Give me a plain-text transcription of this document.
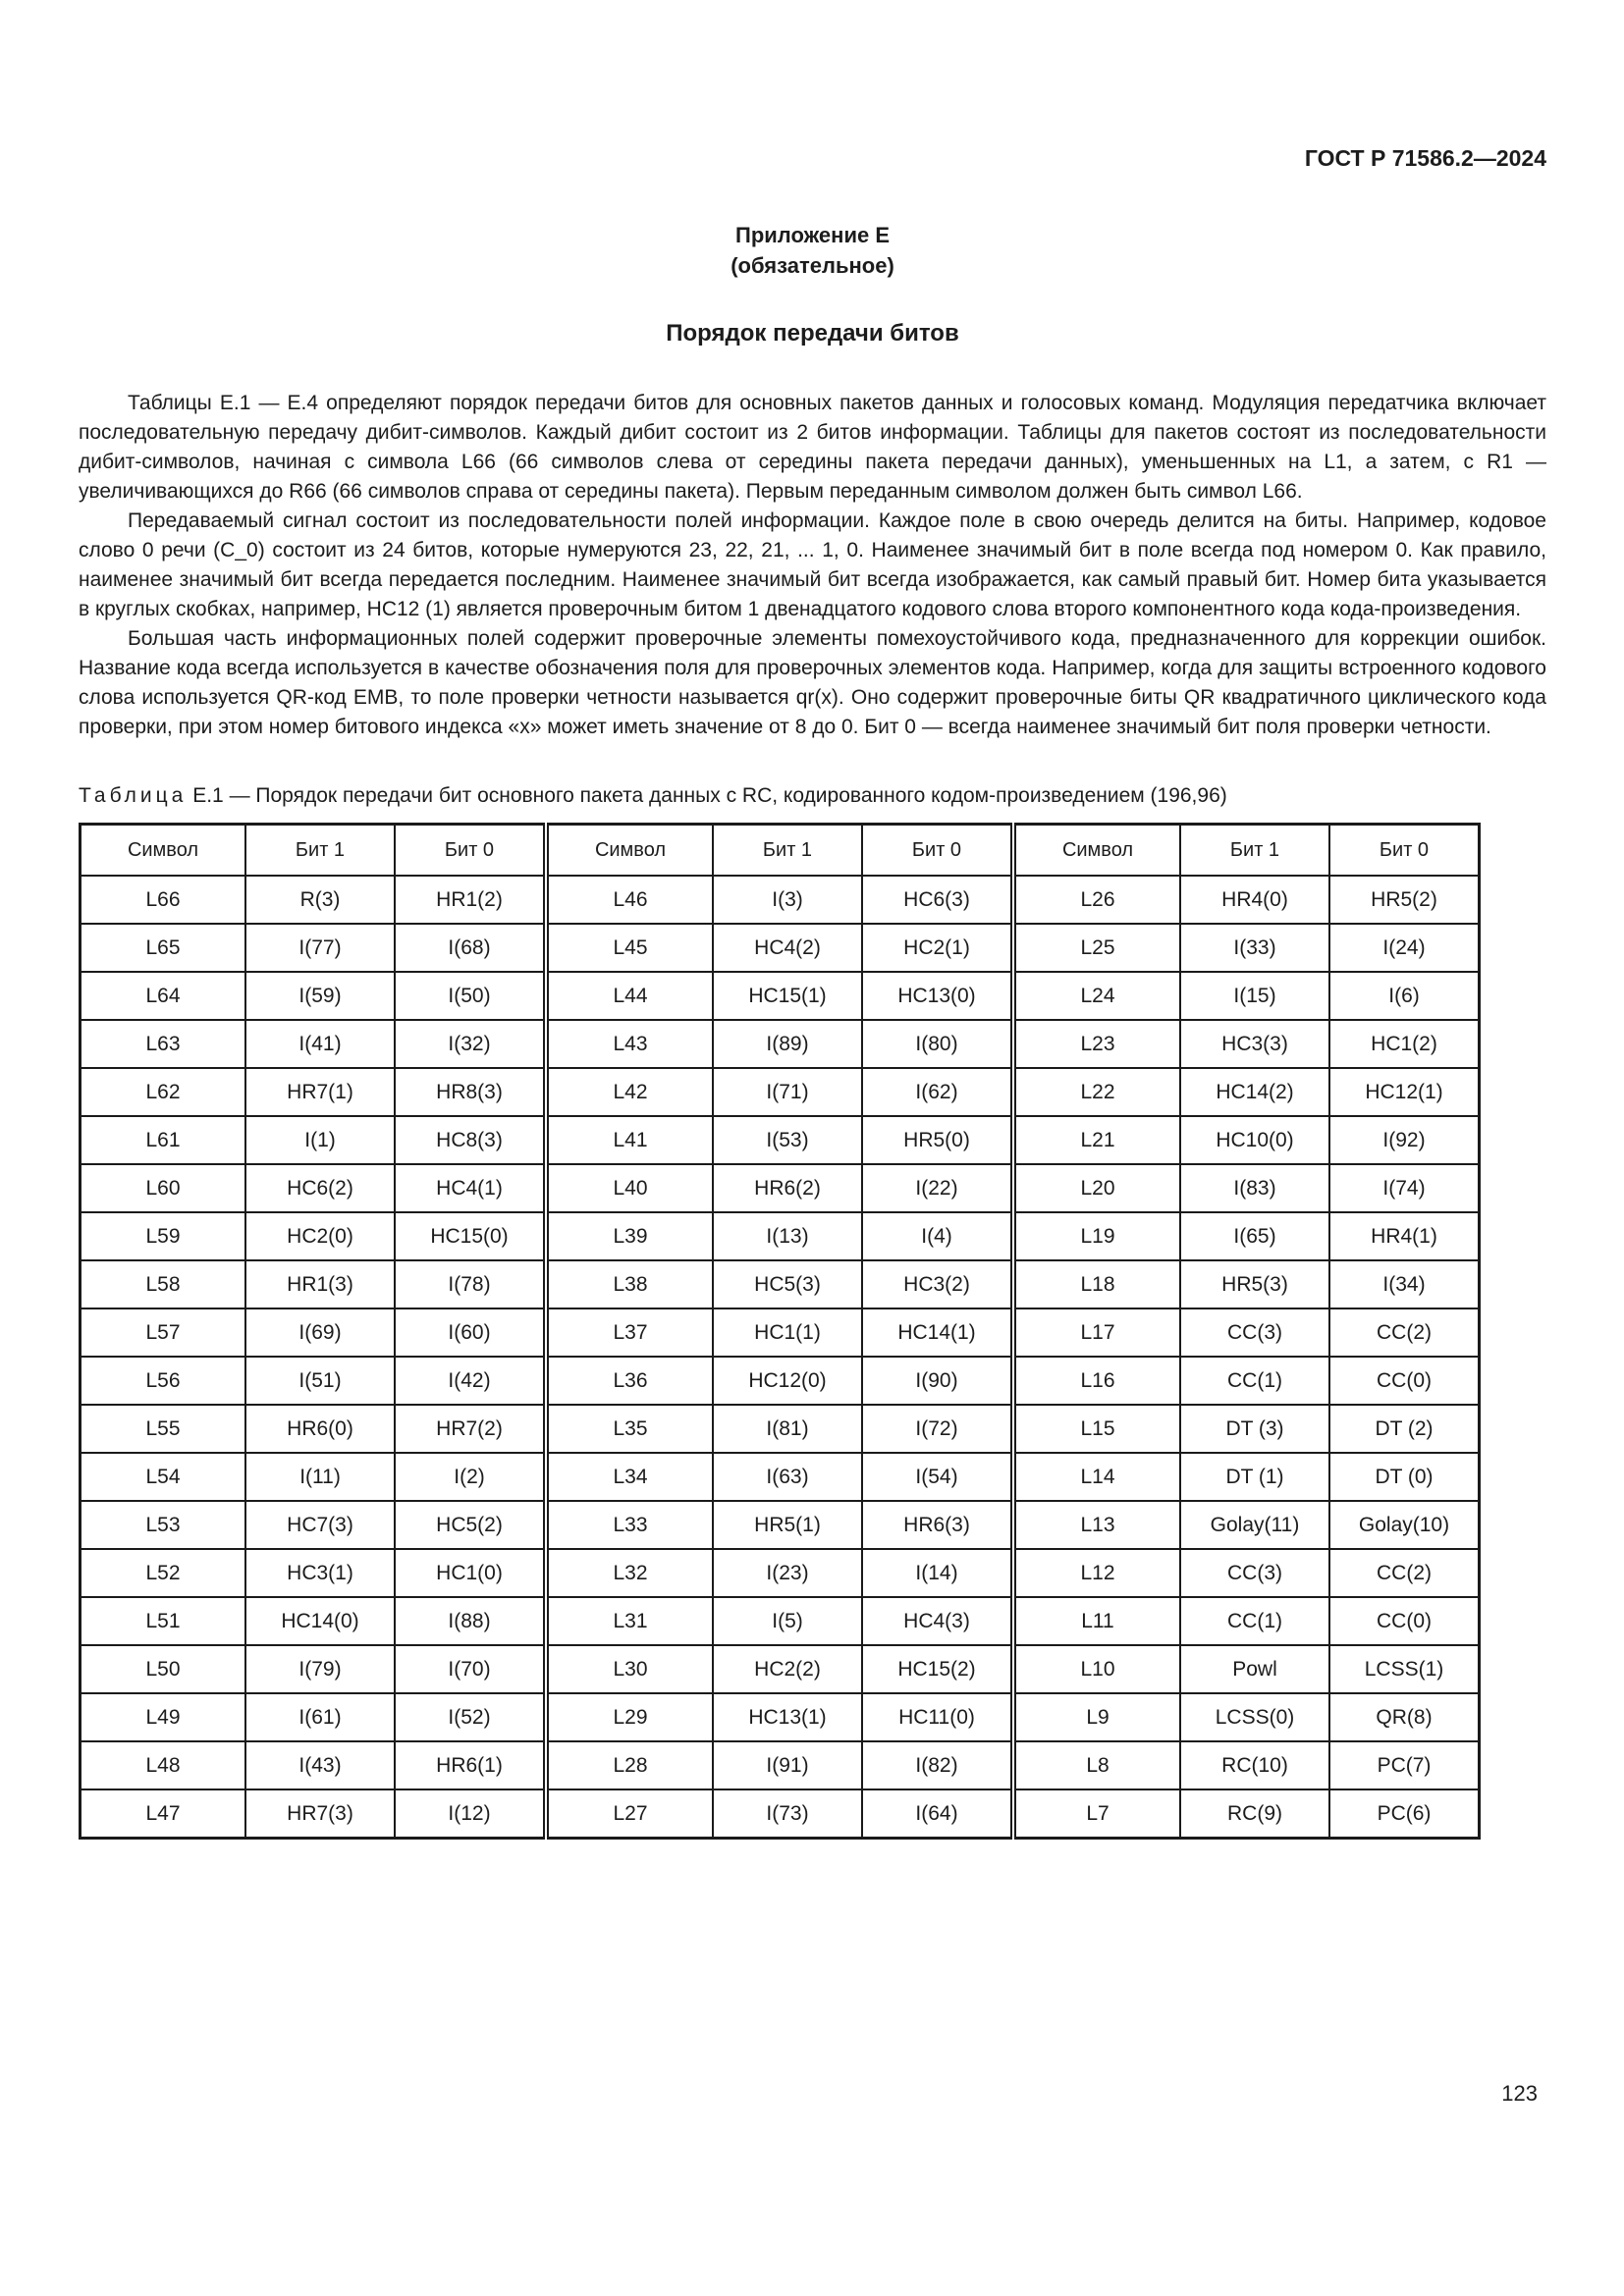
ГОСТ Р 71586.2—2024
Приложение Е
(обязательное)
Порядок передачи битов

Таблицы Е.1 — Е.4 определяют порядок передачи битов для основных пакетов данных и голосовых команд. Модуляция передатчика включает последовательную передачу дибит-символов. Каждый дибит состоит из 2 битов информации. Таблицы для пакетов состоят из последовательности дибит-символов, начиная с символа L66 (66 символов слева от середины пакета передачи данных), уменьшенных на L1, а затем, с R1 — увеличивающихся до R66 (66 символов справа от середины пакета). Первым переданным символом должен быть символ L66.

Передаваемый сигнал состоит из последовательности полей информации. Каждое поле в свою очередь делится на биты. Например, кодовое слово 0 речи (С_0) состоит из 24 битов, которые нумеруются 23, 22, 21, ... 1, 0. Наименее значимый бит в поле всегда под номером 0. Как правило, наименее значимый бит всегда передается последним. Наименее значимый бит всегда изображается, как самый правый бит. Номер бита указывается в круглых скобках, например, НС12 (1) является проверочным битом 1 двенадцатого кодового слова второго компонентного кода кода-произведения.

Большая часть информационных полей содержит проверочные элементы помехоустойчивого кода, предназначенного для коррекции ошибок. Название кода всегда используется в качестве обозначения поля для проверочных элементов кода. Например, когда для защиты встроенного кодового слова используется QR-код ЕМВ, то поле проверки четности называется qr(x). Оно содержит проверочные биты QR квадратичного циклического кода проверки, при этом номер битового индекса «х» может иметь значение от 8 до 0. Бит 0 — всегда наименее значимый бит поля проверки четности.

Таблица Е.1 — Порядок передачи бит основного пакета данных с RC, кодированного кодом-произведением (196,96)
Символ	Бит 1	Бит 0	Символ	Бит 1	Бит 0	Символ	Бит 1	Бит 0
L66	R(3)	HR1(2)	L46	I(3)	HC6(3)	L26	HR4(0)	HR5(2)
L65	I(77)	I(68)	L45	HC4(2)	HC2(1)	L25	I(33)	I(24)
L64	I(59)	I(50)	L44	HC15(1)	HC13(0)	L24	I(15)	I(6)
L63	I(41)	I(32)	L43	I(89)	I(80)	L23	HC3(3)	HC1(2)
L62	HR7(1)	HR8(3)	L42	I(71)	I(62)	L22	HC14(2)	HC12(1)
L61	I(1)	HC8(3)	L41	I(53)	HR5(0)	L21	HC10(0)	I(92)
L60	HC6(2)	HC4(1)	L40	HR6(2)	I(22)	L20	I(83)	I(74)
L59	HC2(0)	HC15(0)	L39	I(13)	I(4)	L19	I(65)	HR4(1)
L58	HR1(3)	I(78)	L38	HC5(3)	HC3(2)	L18	HR5(3)	I(34)
L57	I(69)	I(60)	L37	HC1(1)	HC14(1)	L17	CC(3)	CC(2)
L56	I(51)	I(42)	L36	HC12(0)	I(90)	L16	CC(1)	CC(0)
L55	HR6(0)	HR7(2)	L35	I(81)	I(72)	L15	DT (3)	DT (2)
L54	I(11)	I(2)	L34	I(63)	I(54)	L14	DT (1)	DT (0)
L53	HC7(3)	HC5(2)	L33	HR5(1)	HR6(3)	L13	Golay(11)	Golay(10)
L52	HC3(1)	HC1(0)	L32	I(23)	I(14)	L12	CC(3)	CC(2)
L51	HC14(0)	I(88)	L31	I(5)	HC4(3)	L11	CC(1)	CC(0)
L50	I(79)	I(70)	L30	HC2(2)	HC15(2)	L10	Powl	LCSS(1)
L49	I(61)	I(52)	L29	HC13(1)	HC11(0)	L9	LCSS(0)	QR(8)
L48	I(43)	HR6(1)	L28	I(91)	I(82)	L8	RC(10)	PC(7)
L47	HR7(3)	I(12)	L27	I(73)	I(64)	L7	RC(9)	PC(6)
123
